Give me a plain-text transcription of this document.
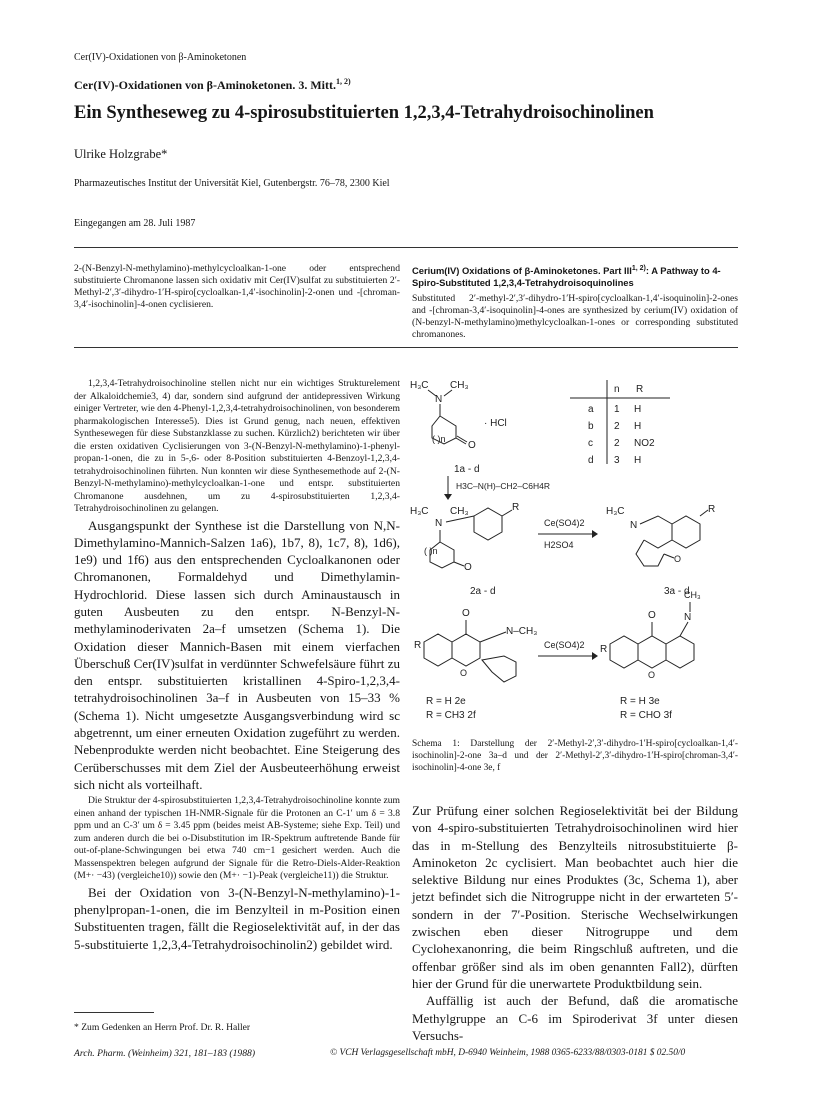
Cer(IV)-Oxidationen von β-Aminoketonen
Cer(IV)-Oxidationen von β-Aminoketonen. 3. Mitt.$^{1, 2)}$
Ein Syntheseweg zu 4-spirosubstituierten 1,2,3,4-Tetrahydroisochinolinen
Ulrike Holzgrabe*
Pharmazeutisches Institut der Universität Kiel, Gutenbergstr. 76–78, 2300 Kiel
Eingegangen am 28. Juli 1987
2-(N-Benzyl-N-methylamino)-methylcycloalkan-1-one oder entsprechend substituierte Chromanone lassen sich oxidativ mit Cer(IV)sulfat zu substituierten 2′-Methyl-2′,3′-dihydro-1′H-spiro[cycloalkan-1,4′-isochinolin]-2-onen und -[chroman-3,4′-isochinolin]-4-onen cyclisieren.
Cerium(IV) Oxidations of β-Aminoketones. Part III$^{1, 2)}$: A Pathway to 4-Spiro-Substituted 1,2,3,4-Tetrahydroisoquinolines
Substituted 2′-methyl-2′,3′-dihydro-1′H-spiro[cycloalkan-1,4′-isoquinolin]-2-ones and -[chroman-3,4′-isoquinolin]-4-ones are synthesized by cerium(IV) oxidation of (N-benzyl-N-methylamino)methylcycloalkan-1-ones or corresponding substituted chromanones.

1,2,3,4-Tetrahydroisochinoline stellen nicht nur ein wichtiges Strukturelement der Alkaloidchemie3, 4) dar, sondern sind aufgrund der antidepressiven Wirkung einiger Vertreter, wie den 4-Phenyl-1,2,3,4-tetrahydroisochinolinen, von besonderem pharmakologischen Interesse5). Dies ist Grund genug, nach neuen, effektiven Synthesewegen für diese Substanzklasse zu suchen. Kürzlich2) berichteten wir über die ersten oxidativen Cyclisierungen von 3-(N-Benzyl-N-methylamino)-1-phenyl-propan-1-onen, die zu in 5-,6- oder 8-Position substituierten 4-Benzoyl-1,2,3,4-tetrahydroisochinolinen führten. Nun konnten wir diese Synthesemethode auf 2-(N-Benzyl-N-methylamino)-methylcycloalkan-1-one und entspr. substituierten Chromanone ausdehnen, um zu 4-spirosubstituierten 1,2,3,4-Tetrahydroisochinolinen zu gelangen.

Ausgangspunkt der Synthese ist die Darstellung von N,N-Dimethylamino-Mannich-Salzen 1a6), 1b7, 8), 1c7, 8), 1d6), 1e9) und 1f6) aus den entsprechenden Cycloalkanonen oder Chromanonen, Formaldehyd und Dimethylamin-Hydrochlorid. Diese lassen sich durch Aminaustausch in guten Ausbeuten zu den entspr. N-Benzyl-N-methylaminoderivaten 2a–f umsetzen (Schema 1). Die Oxidation dieser Mannich-Basen mit einem vierfachen Überschuß Cer(IV)sulfat in verdünnter Schwefelsäure führt zu den entspr. substituierten kristallinen 4-Spiro-1,2,3,4-tetrahydroisochinolinen 3a–f in Ausbeuten von 15–33 % (Schema 1). Nicht umgesetzte Ausgangsverbindung wird sc abgetrennt, um einer erneuten Oxidation zugeführt zu werden. Nebenprodukte werden nicht beobachtet. Eine Steigerung des Cerüberschusses mit dem Ziel der Ausbeuteerhöhung erweist sich nicht als vorteilhaft.

Die Struktur der 4-spirosubstituierten 1,2,3,4-Tetrahydroisochinoline konnte zum einen anhand der typischen 1H-NMR-Signale für die Protonen an C-1′ um δ = 3.8 ppm und an C-3′ um δ = 3.45 ppm (beides meist AB-Systeme; siehe Exp. Teil) und zum anderen durch die bei o-Disubstitution im IR-Spektrum auftretende Bande für out-of-plane-Schwingungen bei etwa 740 cm−1 gesichert werden. Auch die Massenspektren belegen aufgrund der Signale für die Retro-Diels-Alder-Reaktion (M+· −43) (vergleiche10)) sowie den (M+· −1)-Peak (vergleiche11)) die Struktur.

Bei der Oxidation von 3-(N-Benzyl-N-methylamino)-1-phenylpropan-1-onen, die im Benzylteil in m-Position einen Substituenten tragen, fällt die Regioselektivität auf, in der das 5-substituierte 1,2,3,4-Tetrahydroisochinolin2) gebildet wird.

* Zum Gedenken an Herrn Prof. Dr. R. Haller
H₃C CH₃
N
O
( )n
· HCl
1a - d
n R
a 1 H
b 2 H
c 2 NO2
d 3 H
H3C–N(H)–CH2–C6H4R
H₃C CH₃
N
R
O
( )n
2a - d
Ce(SO4)2
H2SO4
H₃C
N
R
O
3a - d
R
O
O
N–CH₃
R = H 2e
R = CH3 2f
Ce(SO4)2 R
O
O
N
CH₃
R = H 3e
R = CHO 3f
Schema 1: Darstellung der 2′-Methyl-2′,3′-dihydro-1′H-spiro[cycloalkan-1,4′-isochinolin]-2-one 3a–d und der 2′-Methyl-2′,3′-dihydro-1′H-spiro[chroman-3,4′-isochinolin]-4-one 3e, f

Zur Prüfung einer solchen Regioselektivität bei der Bildung von 4-spiro-substituierten Tetrahydroisochinolinen wird hier das in m-Stellung des Benzylteils nitrosubstituierte β-Aminoketon 2c cyclisiert. Man beobachtet auch hier die selektive Bildung nur eines Produktes (3c, Schema 1), aber jetzt befindet sich die Nitrogruppe nicht in der erwarteten 5′- sondern in der 7′-Position. Sterische Wechselwirkungen zwischen eben dieser Nitrogruppe und dem Cyclohexanonring, die beim Ringschluß auftreten, und die offenbar größer sind als im oben genannten Fall2), dürften hier der Grund für die unerwartete Produktbildung sein.

Auffällig ist auch der Befund, daß die aromatische Methylgruppe an C-6 im Spiroderivat 3f unter diesen Versuchs-

Arch. Pharm. (Weinheim) 321, 181–183 (1988)	© VCH Verlagsgesellschaft mbH, D-6940 Weinheim, 1988 0365-6233/88/0303-0181 $ 02.50/0
